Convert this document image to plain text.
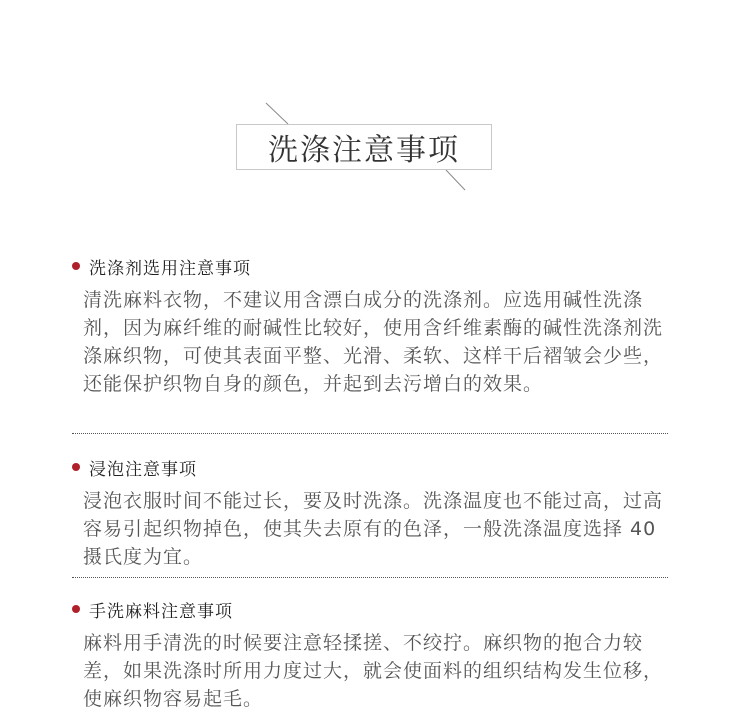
洗涤注意事项
洗涤剂选用注意事项
清洗麻料衣物，不建议用含漂白成分的洗涤剂。应选用碱性洗涤剂，因为麻纤维的耐碱性比较好，使用含纤维素酶的碱性洗涤剂洗涤麻织物，可使其表面平整、光滑、柔软、这样干后褶皱会少些，还能保护织物自身的颜色，并起到去污增白的效果。
浸泡注意事项
浸泡衣服时间不能过长，要及时洗涤。洗涤温度也不能过高，过高容易引起织物掉色，使其失去原有的色泽，一般洗涤温度选择 40 摄氏度为宜。
手洗麻料注意事项
麻料用手清洗的时候要注意轻揉搓、不绞拧。麻织物的抱合力较差，如果洗涤时所用力度过大，就会使面料的组织结构发生位移，使麻织物容易起毛。
